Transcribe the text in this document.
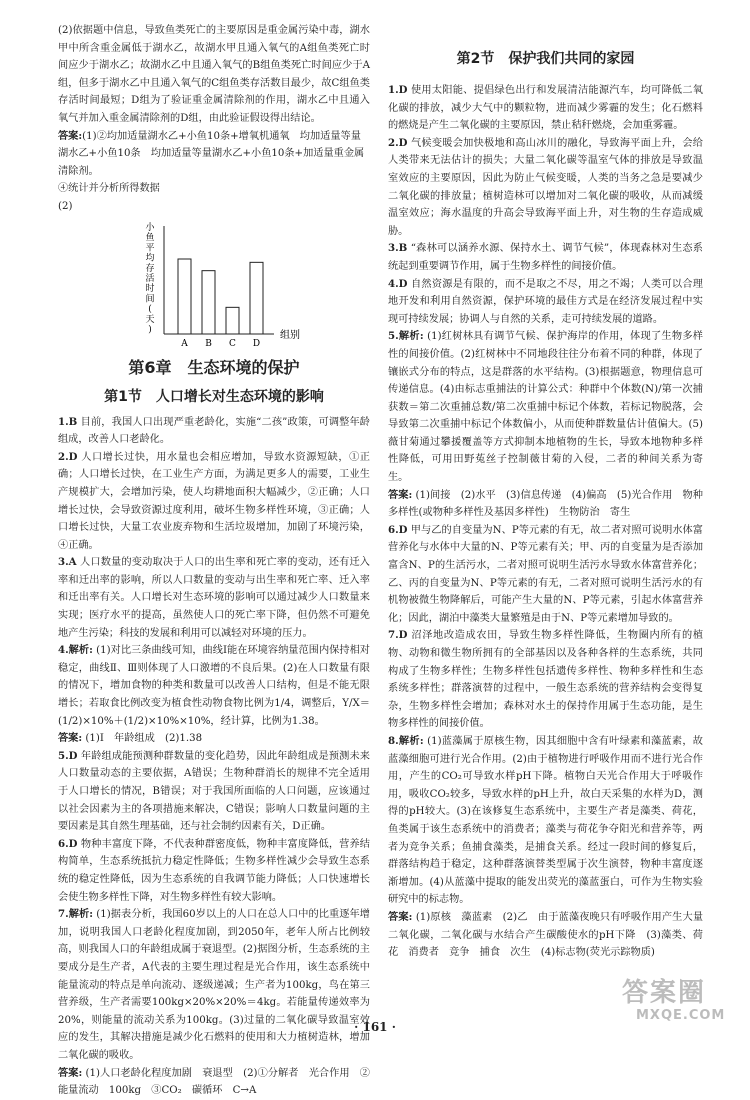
(2)依据题中信息，导致鱼类死亡的主要原因是重金属污染中毒，湖水甲中所含重金属低于湖水乙，故湖水甲且通入氧气的A组鱼类死亡时间应少于湖水乙；故湖水乙中且通入氧气的B组鱼类死亡时间应少于A组，但多于湖水乙中且通入氧气的C组鱼类存活数目最少，故C组鱼类存活时间最短；D组为了验证重金属清除剂的作用，湖水乙中且通入氧气并加入重金属清除剂的D组，由此验证假设得出结论。

答案:(1)②均加适量湖水乙+小鱼10条+增氧机通氧　均加适量等量湖水乙+小鱼10条　均加适量等量湖水乙+小鱼10条+加适量重金属清除剂。

④统计并分析所得数据

(2)

小鱼平均存活时间(天)
A B C D
组别
第6章　生态环境的保护
第1节　人口增长对生态环境的影响

1.B 目前，我国人口出现严重老龄化，实施“二孩”政策，可调整年龄组成，改善人口老龄化。

2.D 人口增长过快，用水量也会相应增加，导致水资源短缺，①正确；人口增长过快，在工业生产方面，为满足更多人的需要，工业生产规模扩大，会增加污染，使人均耕地面积大幅减少，②正确；人口增长过快，会导致资源过度利用，破坏生物多样性环境，③正确；人口增长过快，大量工农业废弃物和生活垃圾增加，加剧了环境污染，④正确。

3.A 人口数量的变动取决于人口的出生率和死亡率的变动，还有迁入率和迁出率的影响，所以人口数量的变动与出生率和死亡率、迁入率和迁出率有关。人口增长对生态环境的影响可以通过减少人口数量来实现；医疗水平的提高，虽然使人口的死亡率下降，但仍然不可避免地产生污染；科技的发展和利用可以减轻对环境的压力。

4.解析: (1)对比三条曲线可知，曲线Ⅰ能在环境容纳量范围内保持相对稳定，曲线Ⅱ、Ⅲ则体现了人口激增的不良后果。(2)在人口数量有限的情况下，增加食物的种类和数量可以改善人口结构，但是不能无限增长；若取食比例改变为植食性动物食物比例为1/4，调整后，Y/X＝(1/2)×10%＋(1/2)×10%×10%，经计算，比例为1.38。

答案: (1)Ⅰ　年龄组成　(2)1.38

5.D 年龄组成能预测种群数量的变化趋势，因此年龄组成是预测未来人口数量动态的主要依据，A错误；生物种群消长的规律不完全适用于人口增长的情况，B错误；对于我国所面临的人口问题，应该通过以社会因素为主的各项措施来解决，C错误；影响人口数量问题的主要因素是其自然生理基础，还与社会制约因素有关，D正确。

6.D 物种丰富度下降，不代表种群密度低，物种丰富度降低，营养结构简单，生态系统抵抗力稳定性降低；生物多样性减少会导致生态系统的稳定性降低，因为生态系统的自我调节能力降低；人口快速增长会使生物多样性下降，对生物多样性有较大影响。

7.解析: (1)据表分析，我国60岁以上的人口在总人口中的比重逐年增加，说明我国人口老龄化程度加剧，到2050年，老年人所占比例较高，则我国人口的年龄组成属于衰退型。(2)据图分析，生态系统的主要成分是生产者，A代表的主要生理过程是光合作用，该生态系统中能量流动的特点是单向流动、逐级递减；生产者为100kg，鸟在第三营养级，生产者需要100kg×20%×20%＝4kg。若能量传递效率为20%，则能量的流动关系为100kg。(3)过量的二氧化碳导致温室效应的发生，其解决措施是减少化石燃料的使用和大力植树造林，增加二氧化碳的吸收。

答案: (1)人口老龄化程度加剧　衰退型　(2)①分解者　光合作用　②能量流动　100kg　③CO₂　碳循环　C→A

第2节　保护我们共同的家园

1.D 使用太阳能、提倡绿色出行和发展清洁能源汽车，均可降低二氧化碳的排放，减少大气中的颗粒物，进而减少雾霾的发生；化石燃料的燃烧是产生二氧化碳的主要原因，禁止秸秆燃烧，会加重雾霾。

2.D 气候变暖会加快极地和高山冰川的融化，导致海平面上升，会给人类带来无法估计的损失；大量二氧化碳等温室气体的排放是导致温室效应的主要原因，因此为防止气候变暖，人类的当务之急是要减少二氧化碳的排放量；植树造林可以增加对二氧化碳的吸收，从而减缓温室效应；海水温度的升高会导致海平面上升，对生物的生存造成威胁。

3.B “森林可以涵养水源、保持水土、调节气候”，体现森林对生态系统起到重要调节作用，属于生物多样性的间接价值。

4.D 自然资源是有限的，而不是取之不尽，用之不竭；人类可以合理地开发和利用自然资源，保护环境的最佳方式是在经济发展过程中实现可持续发展；协调人与自然的关系，走可持续发展的道路。

5.解析: (1)红树林具有调节气候、保护海岸的作用，体现了生物多样性的间接价值。(2)红树林中不同地段往往分布着不同的种群，体现了镶嵌式分布的特点，这是群落的水平结构。(3)根据题意，物理信息可传递信息。(4)由标志重捕法的计算公式：种群中个体数(N)/第一次捕获数＝第二次重捕总数/第二次重捕中标记个体数，若标记物脱落，会导致第二次重捕中标记个体数偏小，从而使种群数量估计值偏大。(5)薇甘菊通过攀援覆盖等方式抑制本地植物的生长，导致本地物种多样性降低，可用田野菟丝子控制薇甘菊的入侵，二者的种间关系为寄生。

答案: (1)间接　(2)水平　(3)信息传递　(4)偏高　(5)光合作用　物种多样性(或物种多样性及基因多样性)　生物防治　寄生

6.D 甲与乙的自变量为N、P等元素的有无，故二者对照可说明水体富营养化与水体中大量的N、P等元素有关；甲、丙的自变量为是否添加富含N、P的生活污水，二者对照可说明生活污水导致水体富营养化；乙、丙的自变量为N、P等元素的有无，二者对照可说明生活污水的有机物被微生物降解后，可能产生大量的N、P等元素，引起水体富营养化；因此，湖泊中藻类大量繁殖是由于N、P等元素增加导致的。

7.D 沼泽地改造成农田，导致生物多样性降低，生物圈内所有的植物、动物和微生物所拥有的全部基因以及各种各样的生态系统，共同构成了生物多样性；生物多样性包括遗传多样性、物种多样性和生态系统多样性；群落演替的过程中，一般生态系统的营养结构会变得复杂，生物多样性会增加；森林对水土的保持作用属于生态功能，是生物多样性的间接价值。

8.解析: (1)蓝藻属于原核生物，因其细胞中含有叶绿素和藻蓝素，故蓝藻细胞可进行光合作用。(2)由于植物进行呼吸作用而不进行光合作用，产生的CO₂可导致水样pH下降。植物白天光合作用大于呼吸作用，吸收CO₂较多，导致水样的pH上升，故白天采集的水样为D，测得的pH较大。(3)在该修复生态系统中，主要生产者是藻类、荷花，鱼类属于该生态系统中的消费者；藻类与荷花争夺阳光和营养等，两者为竞争关系；鱼捕食藻类，是捕食关系。经过一段时间的修复后，群落结构趋于稳定，这种群落演替类型属于次生演替，物种丰富度逐渐增加。(4)从蓝藻中提取的能发出荧光的藻蓝蛋白，可作为生物实验研究中的标志物。

答案: (1)原核　藻蓝素　(2)乙　由于蓝藻夜晚只有呼吸作用产生大量二氧化碳，二氧化碳与水结合产生碳酸使水的pH下降　(3)藻类、荷花　消费者　竞争　捕食　次生　(4)标志物(荧光示踪物质)

· 161 ·
答案圈
MXQE.COM
